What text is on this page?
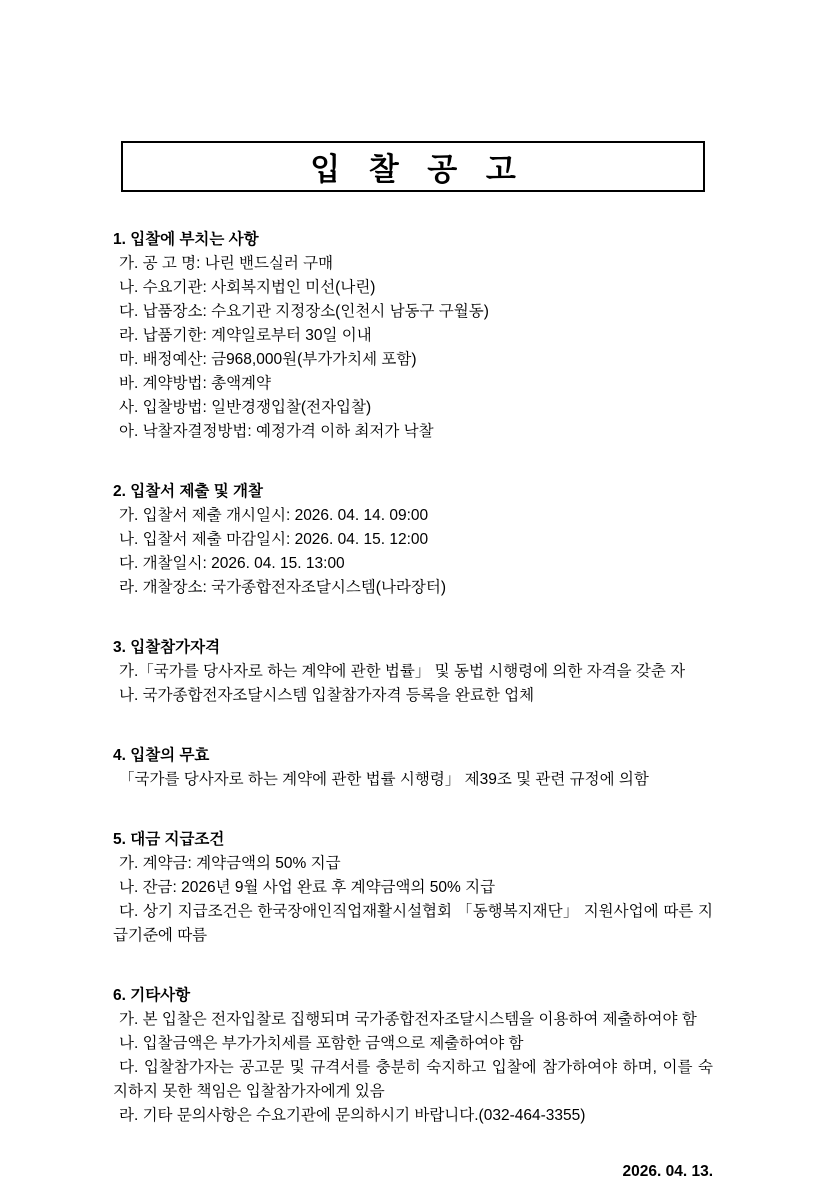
입 찰 공 고
1. 입찰에 부치는 사항

가. 공 고 명: 나린 밴드실러 구매

나. 수요기관: 사회복지법인 미선(나린)

다. 납품장소: 수요기관 지정장소(인천시 남동구 구월동)

라. 납품기한: 계약일로부터 30일 이내

마. 배정예산: 금968,000원(부가가치세 포함)

바. 계약방법: 총액계약

사. 입찰방법: 일반경쟁입찰(전자입찰)

아. 낙찰자결정방법: 예정가격 이하 최저가 낙찰

2. 입찰서 제출 및 개찰

가. 입찰서 제출 개시일시: 2026. 04. 14. 09:00

나. 입찰서 제출 마감일시: 2026. 04. 15. 12:00

다. 개찰일시: 2026. 04. 15. 13:00

라. 개찰장소: 국가종합전자조달시스템(나라장터)

3. 입찰참가자격

가.「국가를 당사자로 하는 계약에 관한 법률」 및 동법 시행령에 의한 자격을 갖춘 자

나. 국가종합전자조달시스템 입찰참가자격 등록을 완료한 업체

4. 입찰의 무효

「국가를 당사자로 하는 계약에 관한 법률 시행령」 제39조 및 관련 규정에 의함

5. 대금 지급조건

가. 계약금: 계약금액의 50% 지급

나. 잔금: 2026년 9월 사업 완료 후 계약금액의 50% 지급

다. 상기 지급조건은 한국장애인직업재활시설협회 「동행복지재단」 지원사업에 따른 지급기준에 따름

6. 기타사항

가. 본 입찰은 전자입찰로 집행되며 국가종합전자조달시스템을 이용하여 제출하여야 함

나. 입찰금액은 부가가치세를 포함한 금액으로 제출하여야 함

다. 입찰참가자는 공고문 및 규격서를 충분히 숙지하고 입찰에 참가하여야 하며, 이를 숙지하지 못한 책임은 입찰참가자에게 있음

라. 기타 문의사항은 수요기관에 문의하시기 바랍니다.(032-464-3355)

2026. 04. 13.
